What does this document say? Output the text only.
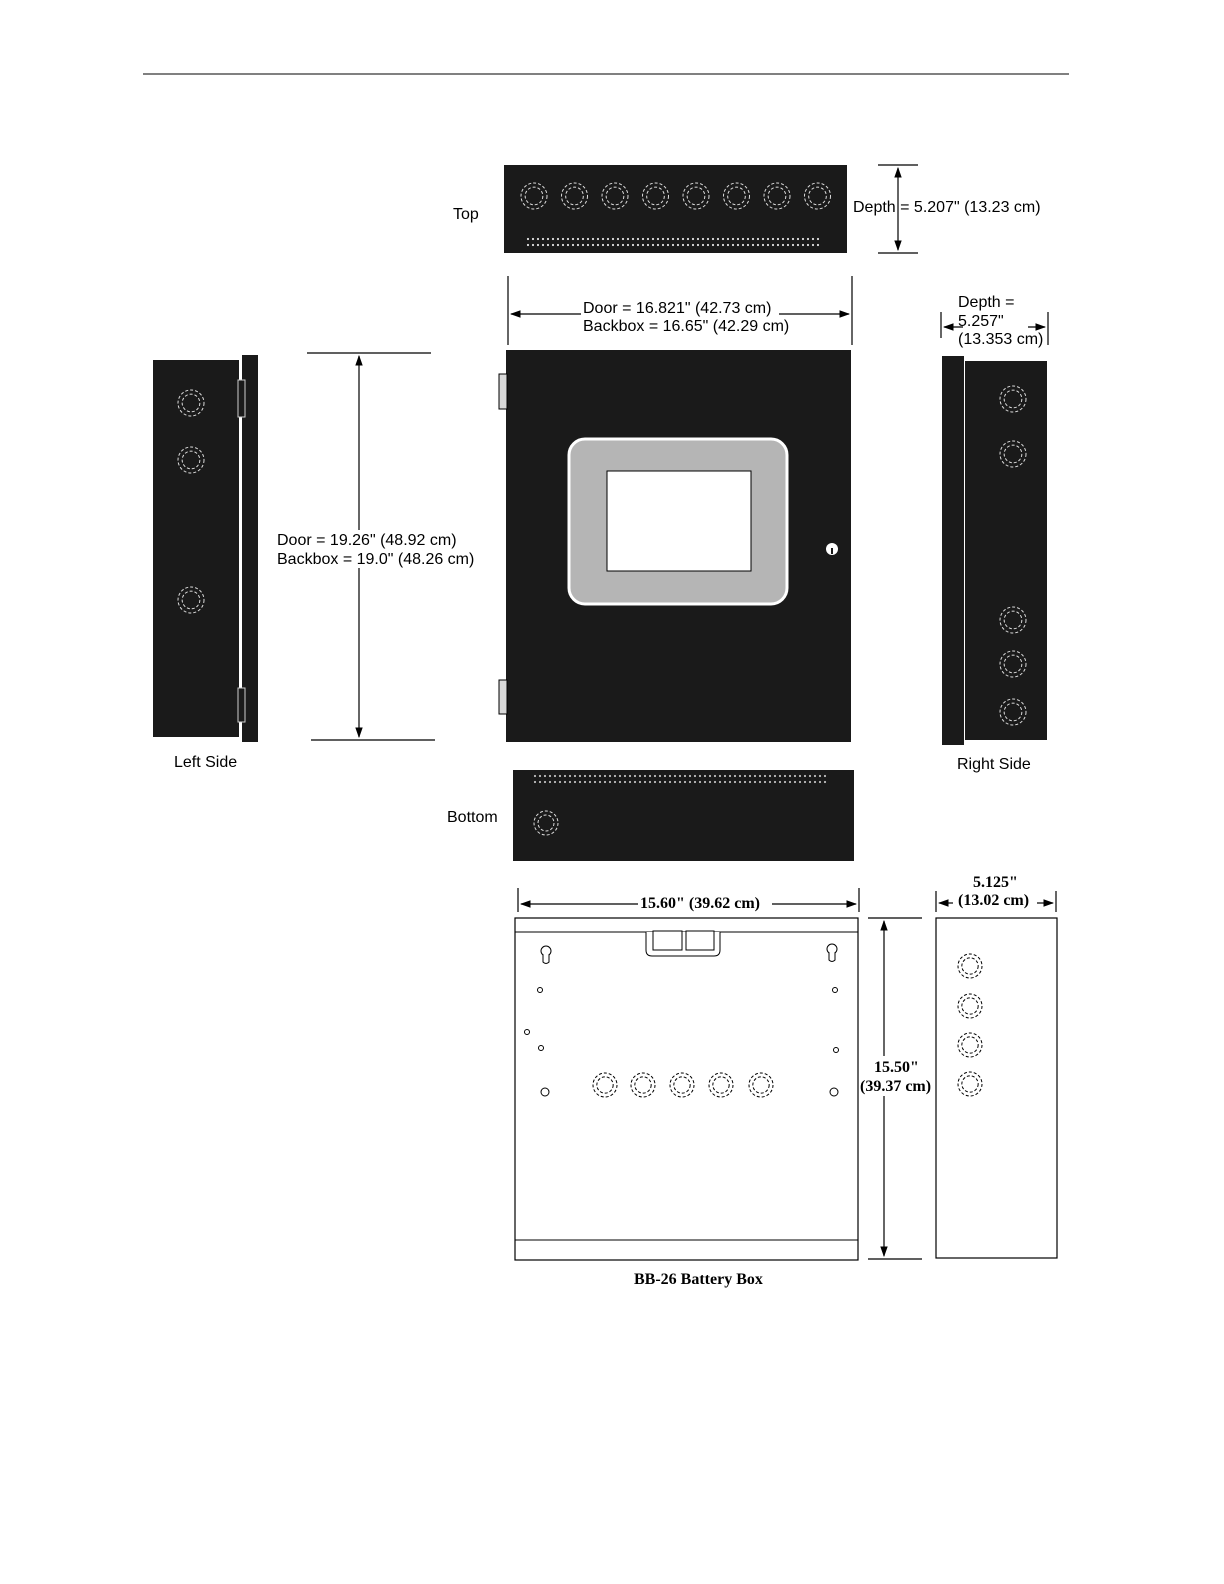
Top	Depth = 5.207" (13.23 cm)
Door = 16.821" (42.73 cm)
Backbox = 16.65" (42.29 cm)
Door = 19.26" (48.92 cm)
Backbox = 19.0" (48.26 cm)
Left Side	Right Side
Depth =
5.257"
(13.353 cm)
Bottom
15.60" (39.62 cm)
15.50"
(39.37 cm)
5.125"
(13.02 cm)
BB-26 Battery Box
